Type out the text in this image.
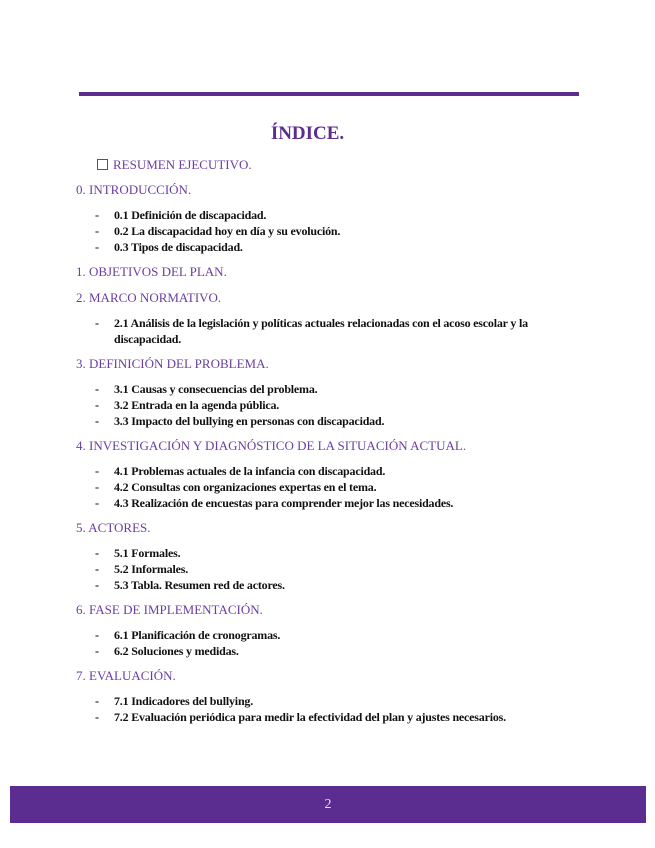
ÍNDICE.
RESUMEN EJECUTIVO.
0. INTRODUCCIÓN.
- 0.1 Definición de discapacidad.
- 0.2 La discapacidad hoy en día y su evolución.
- 0.3 Tipos de discapacidad.
1. OBJETIVOS DEL PLAN.
2. MARCO NORMATIVO.
- 2.1 Análisis de la legislación y políticas actuales relacionadas con el acoso escolar y la discapacidad.
3. DEFINICIÓN DEL PROBLEMA.
- 3.1 Causas y consecuencias del problema.
- 3.2 Entrada en la agenda pública.
- 3.3 Impacto del bullying en personas con discapacidad.
4. INVESTIGACIÓN Y DIAGNÓSTICO DE LA SITUACIÓN ACTUAL.
- 4.1 Problemas actuales de la infancia con discapacidad.
- 4.2 Consultas con organizaciones expertas en el tema.
- 4.3 Realización de encuestas para comprender mejor las necesidades.
5. ACTORES.
- 5.1 Formales.
- 5.2 Informales.
- 5.3 Tabla. Resumen red de actores.
6. FASE DE IMPLEMENTACIÓN.
- 6.1 Planificación de cronogramas.
- 6.2 Soluciones y medidas.
7. EVALUACIÓN.
- 7.1 Indicadores del bullying.
- 7.2 Evaluación periódica para medir la efectividad del plan y ajustes necesarios.
2
